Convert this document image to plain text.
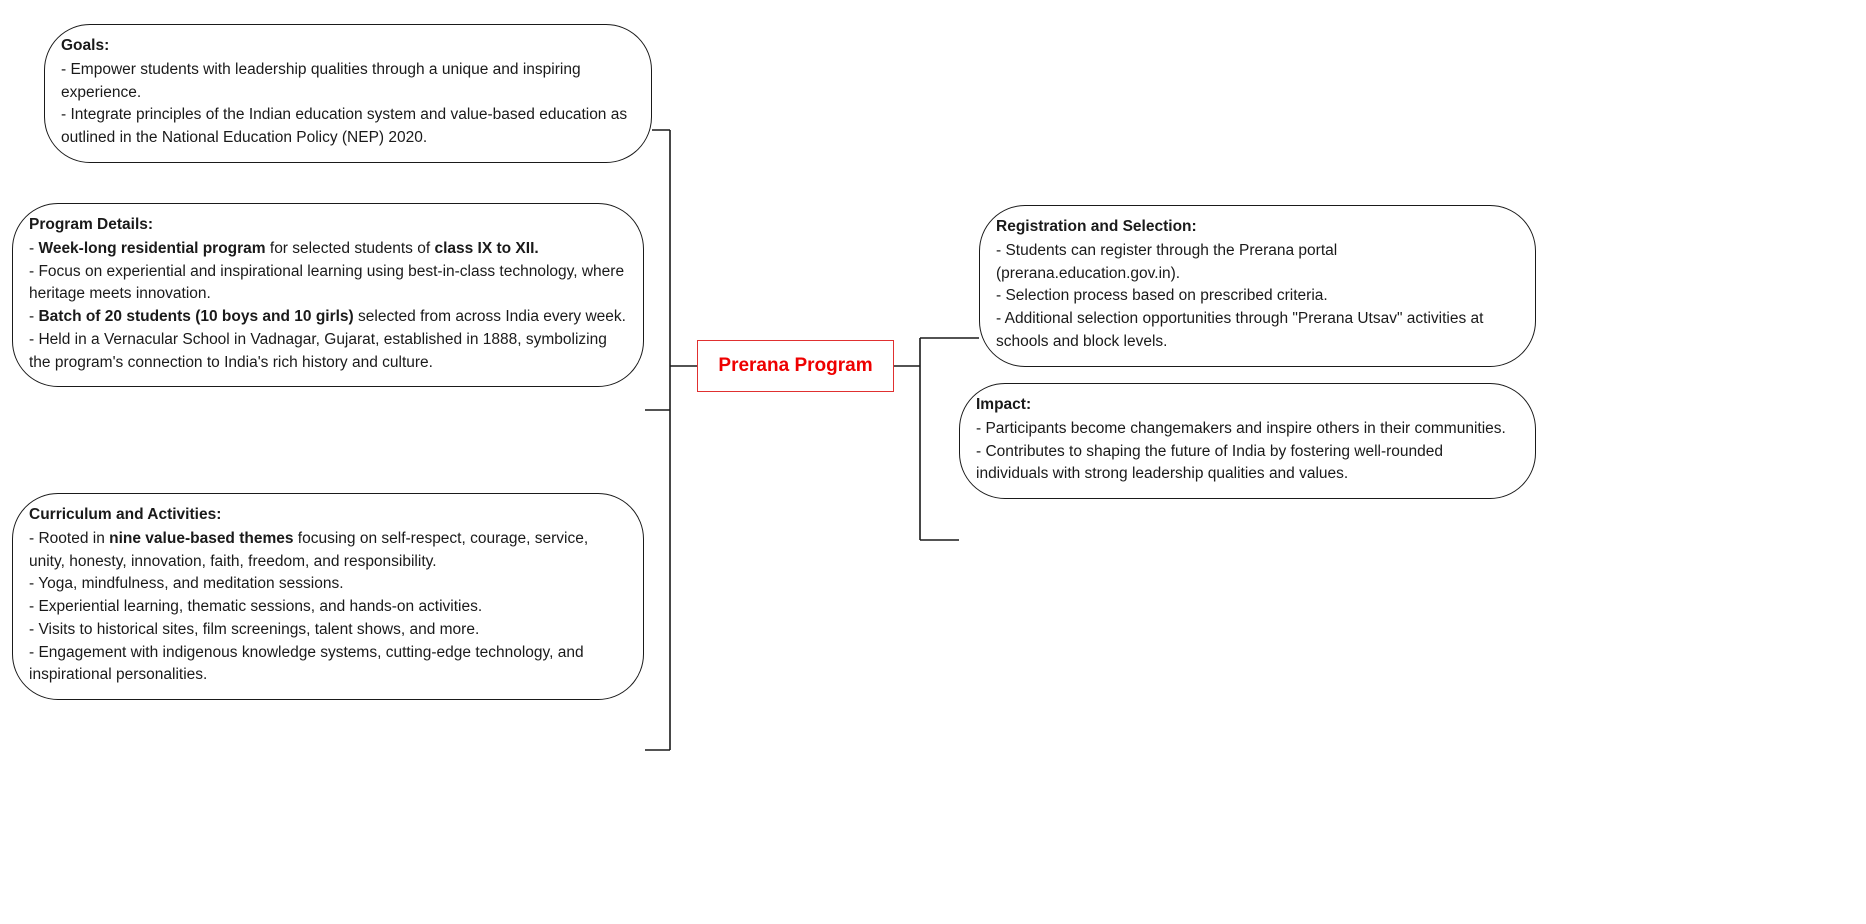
Goals:
- Empower students with leadership qualities through a unique and inspiring experience.
- Integrate principles of the Indian education system and value-based education as outlined in the National Education Policy (NEP) 2020.
Program Details:
- Week-long residential program for selected students of class IX to XII.
- Focus on experiential and inspirational learning using best-in-class technology, where heritage meets innovation.
- Batch of 20 students (10 boys and 10 girls) selected from across India every week.
- Held in a Vernacular School in Vadnagar, Gujarat, established in 1888, symbolizing the program's connection to India's rich history and culture.
Curriculum and Activities:
- Rooted in nine value-based themes focusing on self-respect, courage, service, unity, honesty, innovation, faith, freedom, and responsibility.
- Yoga, mindfulness, and meditation sessions.
- Experiential learning, thematic sessions, and hands-on activities.
- Visits to historical sites, film screenings, talent shows, and more.
- Engagement with indigenous knowledge systems, cutting-edge technology, and inspirational personalities.
Prerana Program
Registration and Selection:
- Students can register through the Prerana portal (prerana.education.gov.in).
- Selection process based on prescribed criteria.
- Additional selection opportunities through "Prerana Utsav" activities at schools and block levels.
Impact:
- Participants become changemakers and inspire others in their communities.
- Contributes to shaping the future of India by fostering well-rounded individuals with strong leadership qualities and values.
